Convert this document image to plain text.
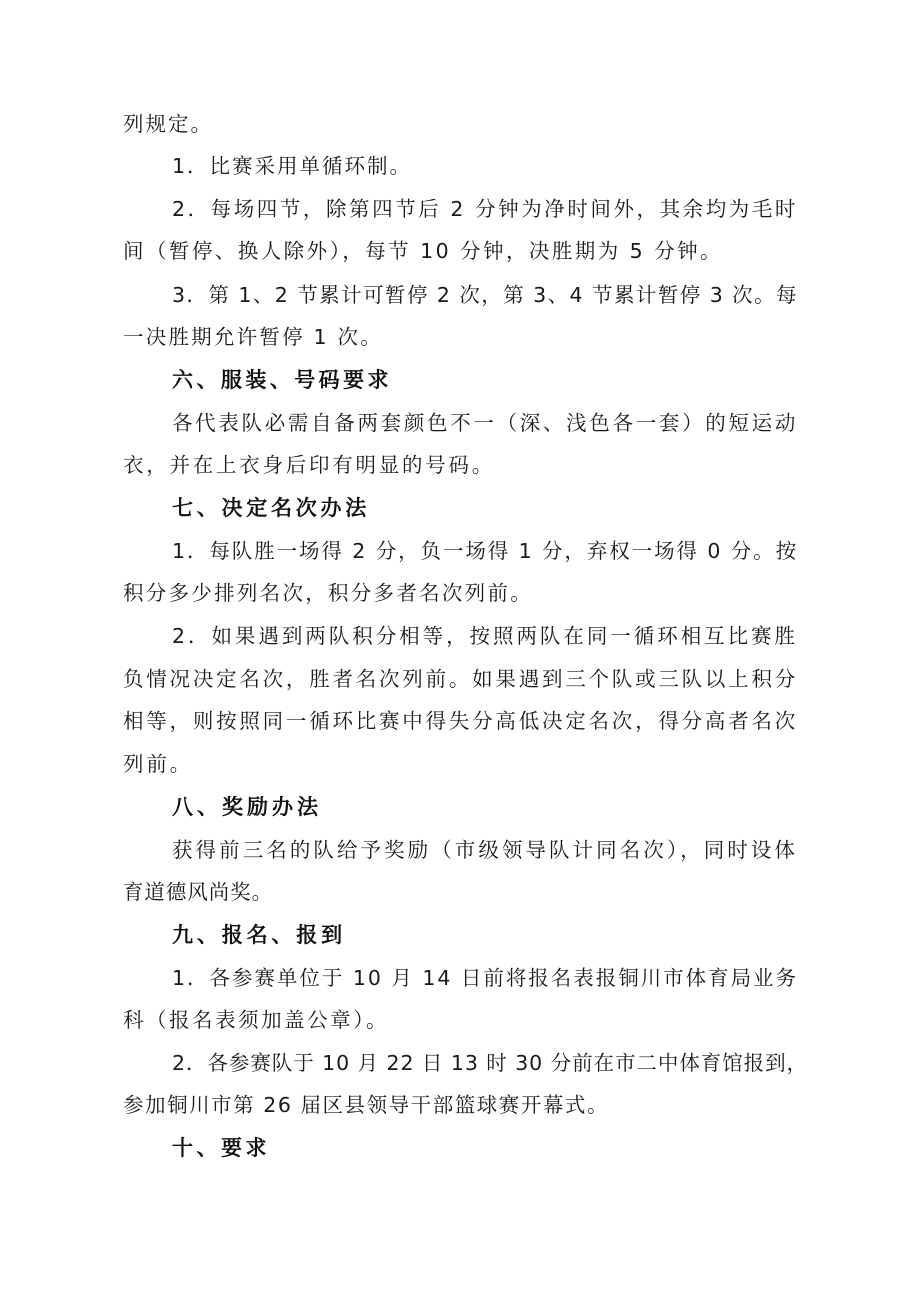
列规定。
1．比赛采用单循环制。
2．每场四节，除第四节后 2 分钟为净时间外，其余均为毛时
间（暂停、换人除外），每节 10 分钟，决胜期为 5 分钟。
3．第 1、2 节累计可暂停 2 次，第 3、4 节累计暂停 3 次。每
一决胜期允许暂停 1 次。
六、服装、号码要求
各代表队必需自备两套颜色不一（深、浅色各一套）的短运动
衣，并在上衣身后印有明显的号码。
七、决定名次办法
1．每队胜一场得 2 分，负一场得 1 分，弃权一场得 0 分。按
积分多少排列名次，积分多者名次列前。
2．如果遇到两队积分相等，按照两队在同一循环相互比赛胜
负情况决定名次，胜者名次列前。如果遇到三个队或三队以上积分
相等，则按照同一循环比赛中得失分高低决定名次，得分高者名次
列前。
八、奖励办法
获得前三名的队给予奖励（市级领导队计同名次），同时设体
育道德风尚奖。
九、报名、报到
1．各参赛单位于 10 月 14 日前将报名表报铜川市体育局业务
科（报名表须加盖公章）。
2．各参赛队于 10 月 22 日 13 时 30 分前在市二中体育馆报到，
参加铜川市第 26 届区县领导干部篮球赛开幕式。
十、要求
